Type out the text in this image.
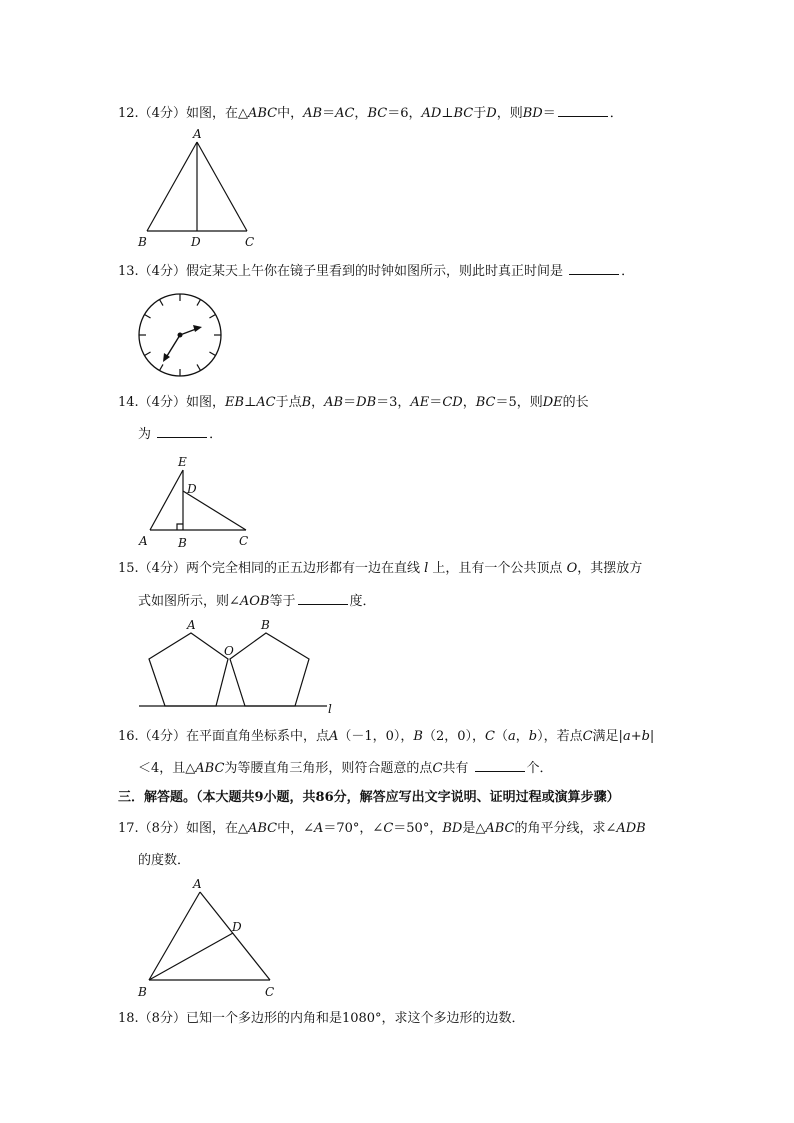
12.（4分）如图，在△ABC中，AB＝AC，BC＝6，AD⊥BC于D，则BD＝	．
A
B	D	C
13.（4分）假定某天上午你在镜子里看到的时钟如图所示，则此时真正时间是	．
14.（4分）如图，EB⊥AC于点B，AB＝DB＝3，AE＝CD，BC＝5，则DE的长
为	．
E
D
A	B	C
15.（4分）两个完全相同的正五边形都有一边在直线 l 上，且有一个公共顶点 O，其摆放方
式如图所示，则∠AOB等于	度．
A	B
O
l
16.（4分）在平面直角坐标系中，点A（－1，0），B（2，0），C（a，b），若点C满足|a+b|
＜4，且△ABC为等腰直角三角形，则符合题意的点C共有	个．
三．解答题。（本大题共9小题，共86分，解答应写出文字说明、证明过程或演算步骤）
17.（8分）如图，在△ABC中，∠A＝70°，∠C＝50°，BD是△ABC的角平分线，求∠ADB
的度数．
A
D
B	C
18.（8分）已知一个多边形的内角和是1080°，求这个多边形的边数．
